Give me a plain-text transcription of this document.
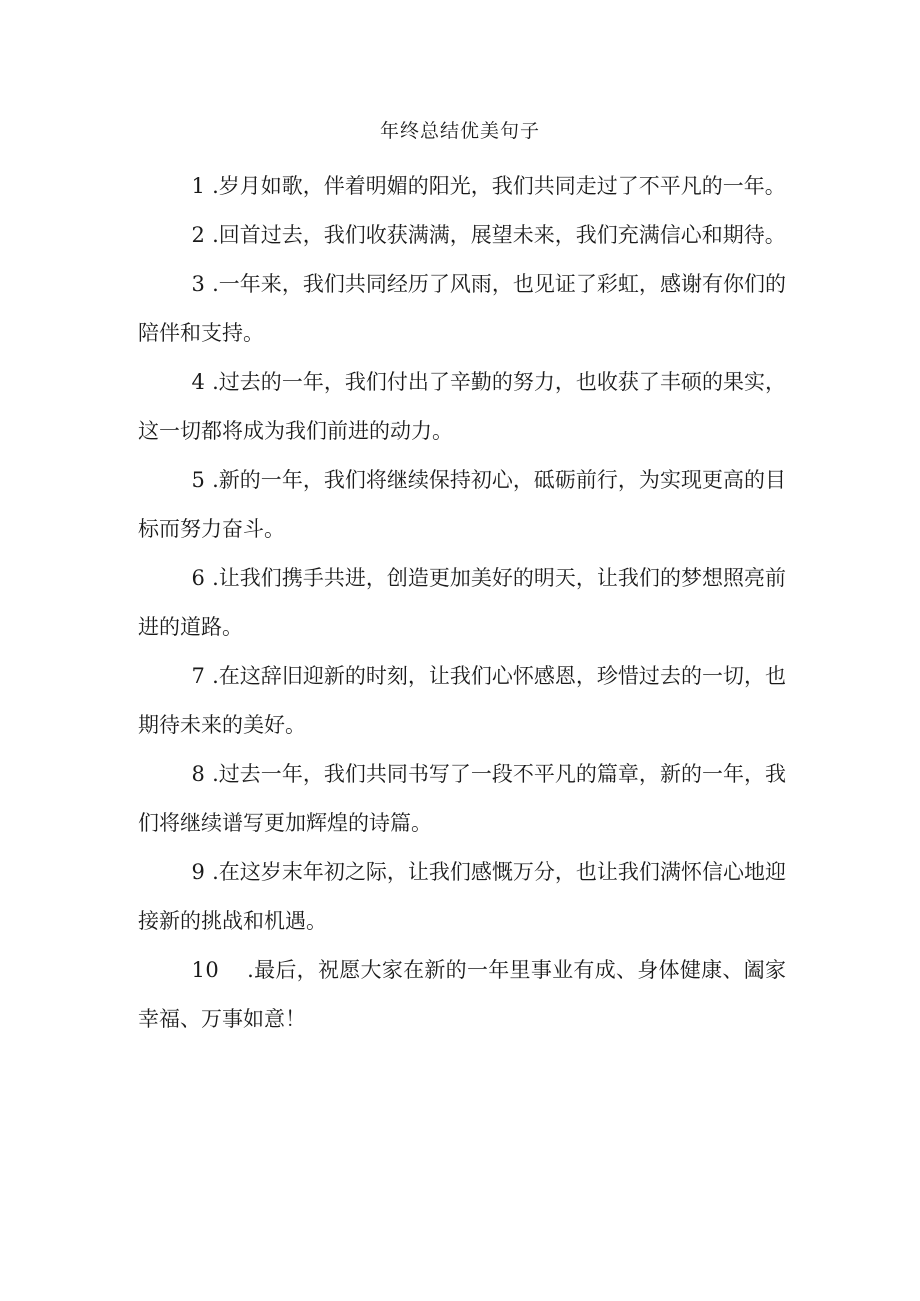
年终总结优美句子

1 .岁月如歌，伴着明媚的阳光，我们共同走过了不平凡的一年。

2 .回首过去，我们收获满满，展望未来，我们充满信心和期待。

3 .一年来，我们共同经历了风雨，也见证了彩虹，感谢有你们的陪伴和支持。

4 .过去的一年，我们付出了辛勤的努力，也收获了丰硕的果实，这一切都将成为我们前进的动力。

5 .新的一年，我们将继续保持初心，砥砺前行，为实现更高的目标而努力奋斗。

6 .让我们携手共进，创造更加美好的明天，让我们的梦想照亮前进的道路。

7 .在这辞旧迎新的时刻，让我们心怀感恩，珍惜过去的一切，也期待未来的美好。

8 .过去一年，我们共同书写了一段不平凡的篇章，新的一年，我们将继续谱写更加辉煌的诗篇。

9 .在这岁末年初之际，让我们感慨万分，也让我们满怀信心地迎接新的挑战和机遇。

10 .最后，祝愿大家在新的一年里事业有成、身体健康、阖家幸福、万事如意！
